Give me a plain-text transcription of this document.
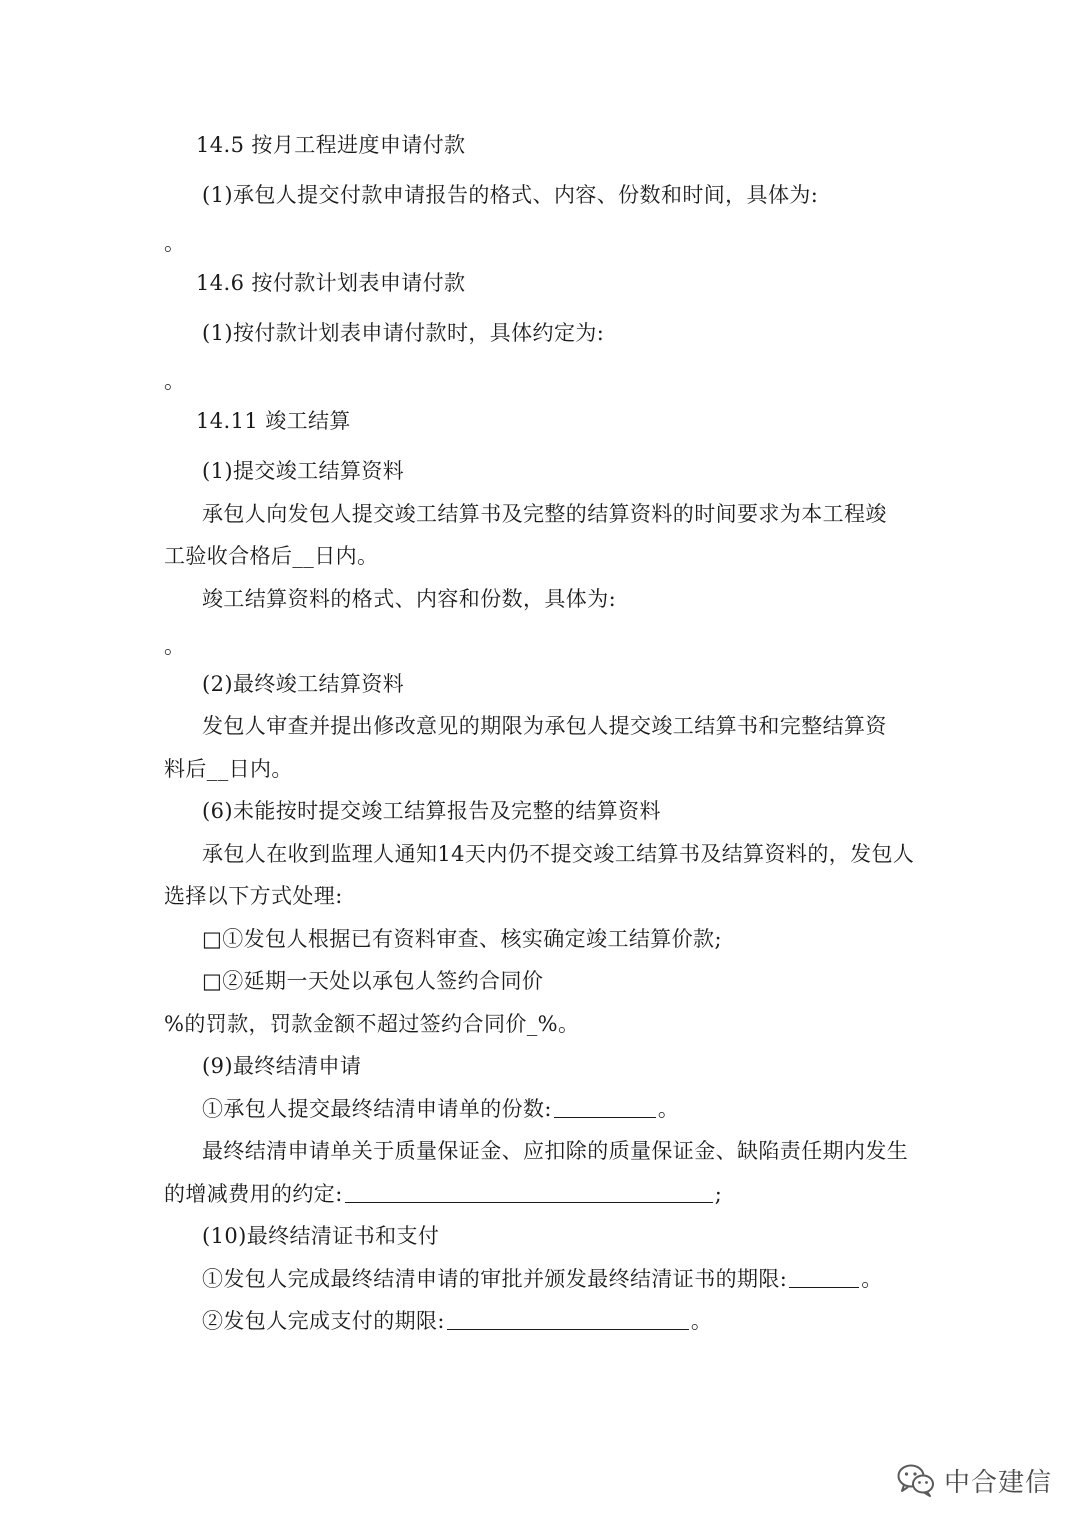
14.5 按月工程进度申请付款
(1)承包人提交付款申请报告的格式、内容、份数和时间，具体为:
。
14.6 按付款计划表申请付款
(1)按付款计划表申请付款时，具体约定为:
。
14.11 竣工结算
(1)提交竣工结算资料
承包人向发包人提交竣工结算书及完整的结算资料的时间要求为本工程竣
工验收合格后__日内。
竣工结算资料的格式、内容和份数，具体为:
。
(2)最终竣工结算资料
发包人审查并提出修改意见的期限为承包人提交竣工结算书和完整结算资
料后__日内。
(6)未能按时提交竣工结算报告及完整的结算资料
承包人在收到监理人通知14天内仍不提交竣工结算书及结算资料的，发包人
选择以下方式处理:
□①发包人根据已有资料审查、核实确定竣工结算价款;
□②延期一天处以承包人签约合同价
%的罚款，罚款金额不超过签约合同价_%。
(9)最终结清申请
①承包人提交最终结清申请单的份数:	。
最终结清申请单关于质量保证金、应扣除的质量保证金、缺陷责任期内发生
的增减费用的约定:	;
(10)最终结清证书和支付
①发包人完成最终结清申请的审批并颁发最终结清证书的期限:	。
②发包人完成支付的期限:	。
中合建信
